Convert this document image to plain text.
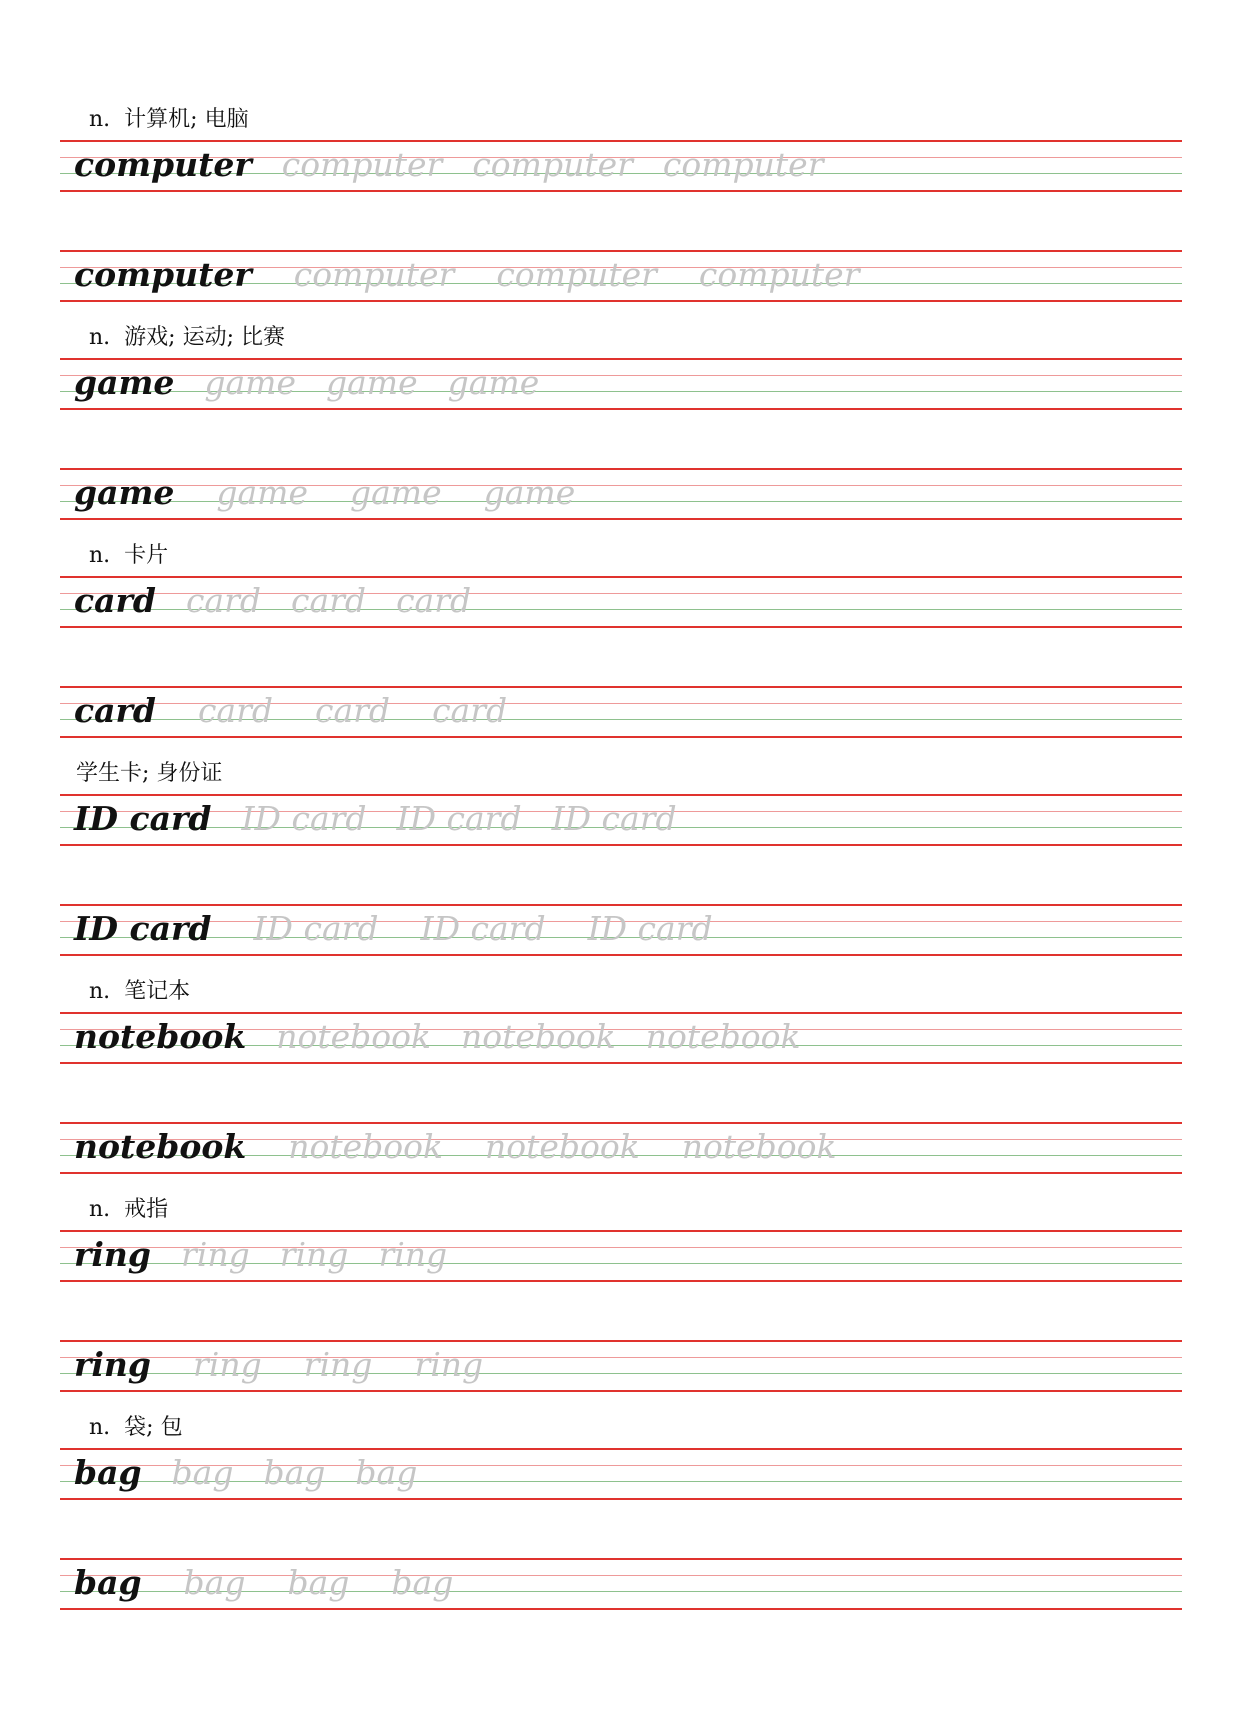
n. 计算机; 电脑
computer computer computer computer
computer computer computer computer
n. 游戏; 运动; 比赛
game game game game
game game game game
n. 卡片
card card card card
card card card card
学生卡; 身份证
ID card ID card ID card ID card
ID card ID card ID card ID card
n. 笔记本
notebook notebook notebook notebook
notebook notebook notebook notebook
n. 戒指
ring ring ring ring
ring ring ring ring
n. 袋; 包
bag bag bag bag
bag bag bag bag
